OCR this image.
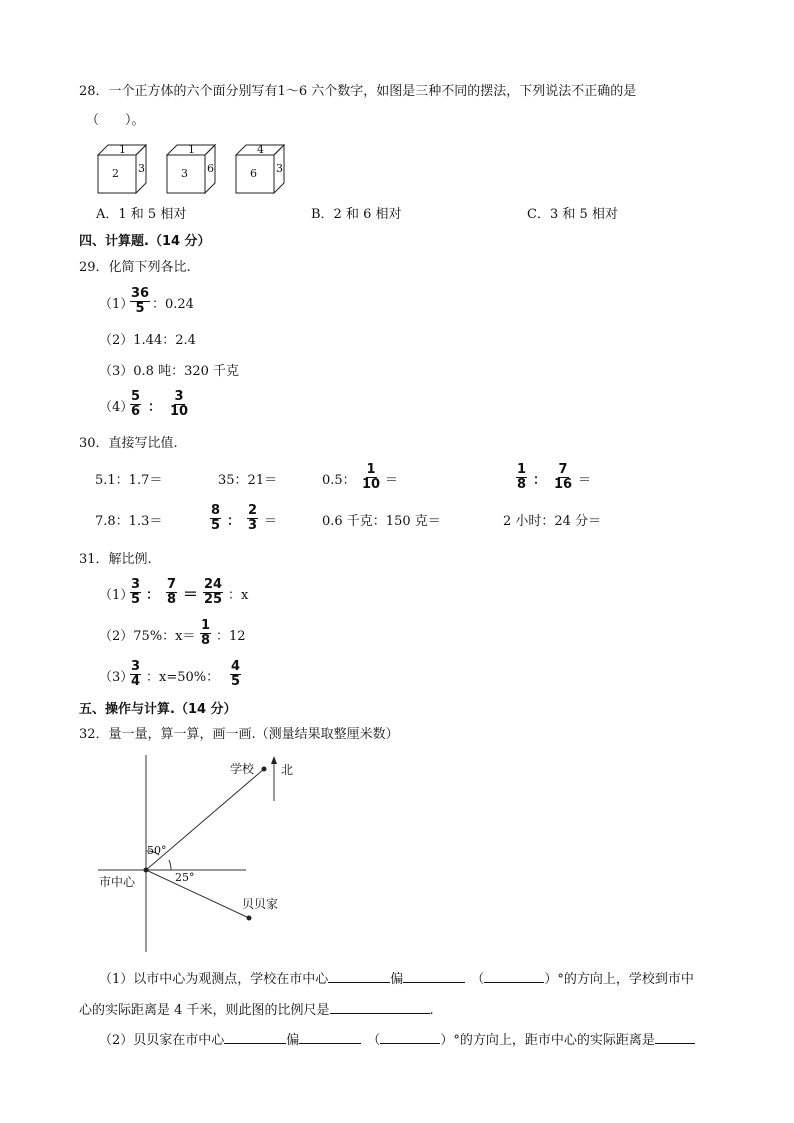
28．一个正方体的六个面分别写有1～6 六个数字，如图是三种不同的摆法，下列说法不正确的是
（　　）。
1
2 3
1
3 6
4
6 3
A．1 和 5 相对	B．2 和 6 相对	C．3 和 5 相对
四、计算题.（14 分）
29．化简下列各比.
（1）
$\frac{36}{5}$ ：0.24
（2）1.44：2.4
（3）0.8 吨：320 千克
（4）
$\frac{5}{6}$ ： $\frac{3}{10}$
30．直接写比值.
5.1：1.7＝	35：21＝	0.5： $\frac{1}{10}$ ＝	$\frac{1}{8}$ ： $\frac{7}{16}$ ＝
7.8：1.3＝	$\frac{8}{5}$ ： $\frac{2}{3}$ ＝	0.6 千克：150 克＝	2 小时：24 分＝
31．解比例.
（1）
$\frac{3}{5}$ ： $\frac{7}{8} = \frac{24}{25}$ ：x
（2）75%：$x= \frac{1}{8}$ ：12
（3）
$\frac{3}{4}$ ：x=50%： $\frac{4}{5}$
五、操作与计算.（14 分）
32．量一量，算一算，画一画.（测量结果取整厘米数）
学校 北
50°
25°
市中心
贝贝家
（1）以市中心为观测点，学校在市中心	偏	（	）°的方向上，学校到市中
心的实际距离是 4 千米，则此图的比例尺是	.
（2）贝贝家在市中心	偏	（	）°的方向上，距市中心的实际距离是
